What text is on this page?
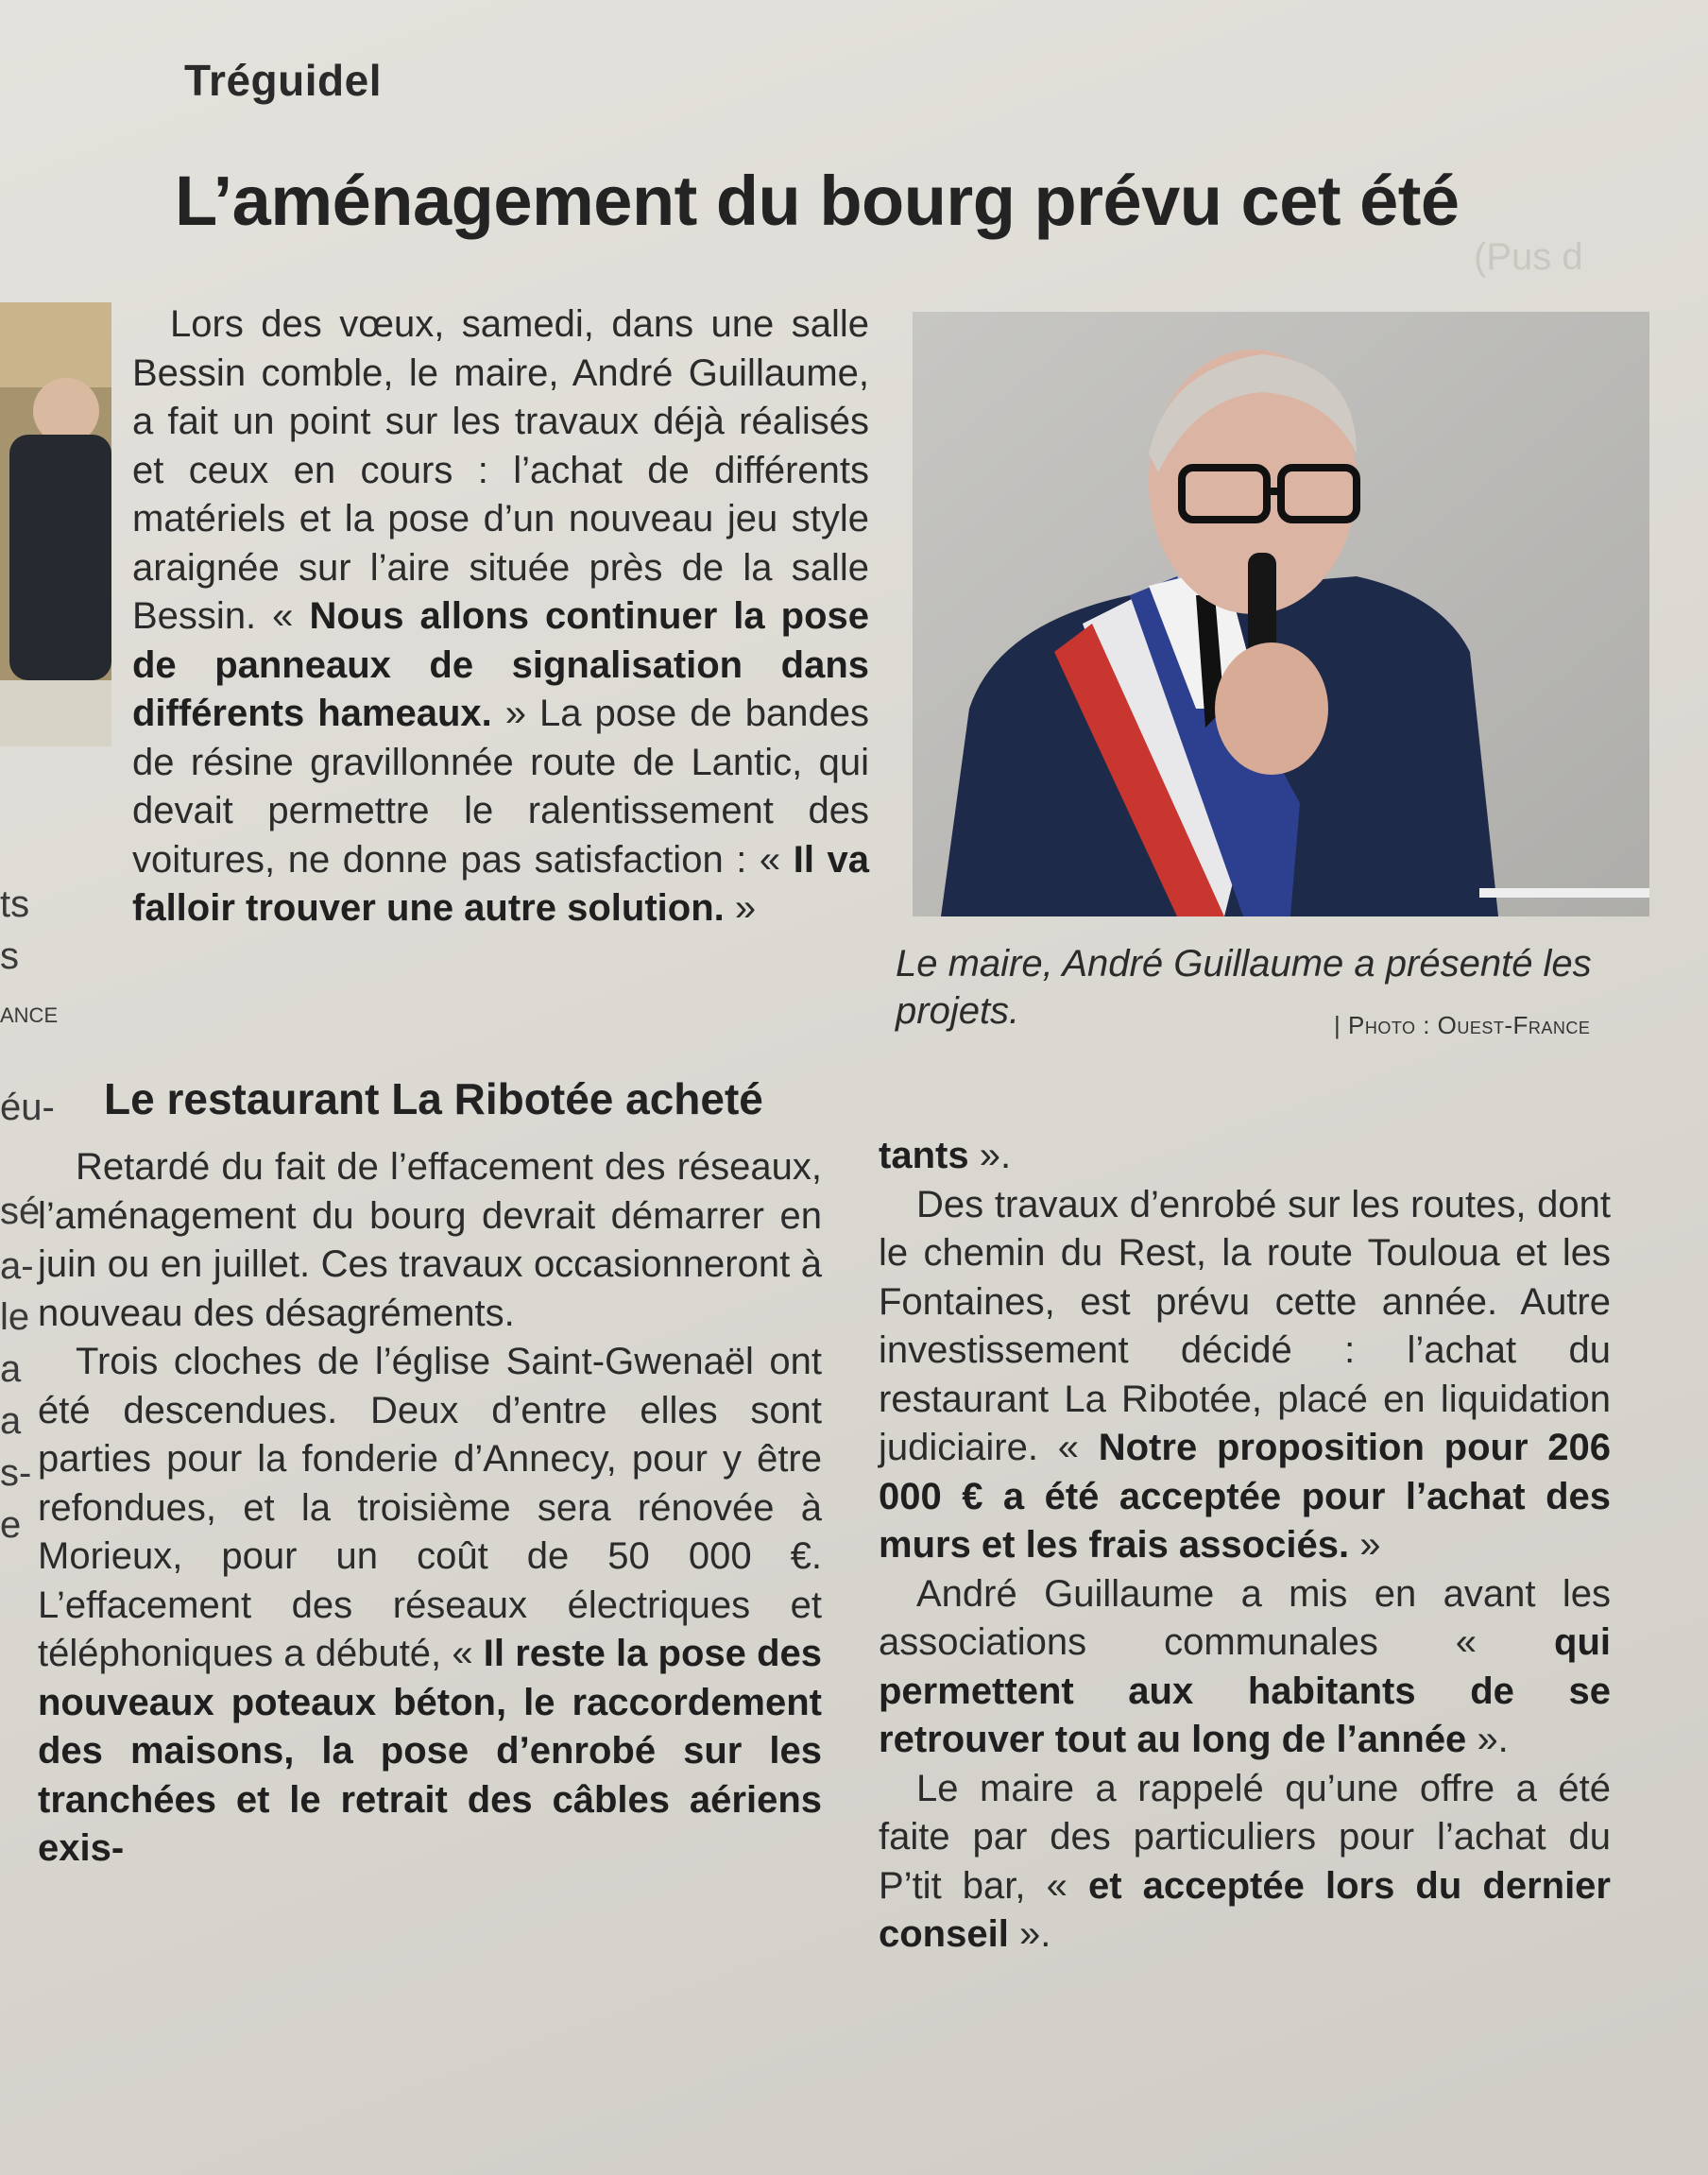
(Pus d
ts
s
ANCE
éu-
sé
a-
le
a
a
s-
e
Tréguidel
L’aménagement du bourg prévu cet été

Lors des vœux, samedi, dans une salle Bessin comble, le maire, André Guillaume, a fait un point sur les travaux déjà réalisés et ceux en cours : l’achat de différents matériels et la pose d’un nouveau jeu style araignée sur l’aire située près de la salle Bessin. « Nous allons continuer la pose de panneaux de signalisation dans différents hameaux. » La pose de bandes de résine gravillonnée route de Lantic, qui devait permettre le ralentissement des voitures, ne donne pas satisfaction : « Il va falloir trouver une autre solution. »

Le restaurant La Ribotée acheté

Retardé du fait de l’effacement des réseaux, l’aménagement du bourg devrait démarrer en juin ou en juillet. Ces travaux occasionneront à nouveau des désagréments.

Trois cloches de l’église Saint-Gwenaël ont été descendues. Deux d’entre elles sont parties pour la fonderie d’Annecy, pour y être refondues, et la troisième sera rénovée à Morieux, pour un coût de 50 000 €. L’effacement des réseaux électriques et téléphoniques a débuté, « Il reste la pose des nouveaux poteaux béton, le raccordement des maisons, la pose d’enrobé sur les tranchées et le retrait des câbles aériens exis-

Le maire, André Guillaume a présenté les projets.	| Photo : Ouest-France

tants ».

Des travaux d’enrobé sur les routes, dont le chemin du Rest, la route Touloua et les Fontaines, est prévu cette année. Autre investissement décidé : l’achat du restaurant La Ribotée, placé en liquidation judiciaire. « Notre proposition pour 206 000 € a été acceptée pour l’achat des murs et les frais associés. »

André Guillaume a mis en avant les associations communales « qui permettent aux habitants de se retrouver tout au long de l’année ».

Le maire a rappelé qu’une offre a été faite par des particuliers pour l’achat du P’tit bar, « et acceptée lors du dernier conseil ».
